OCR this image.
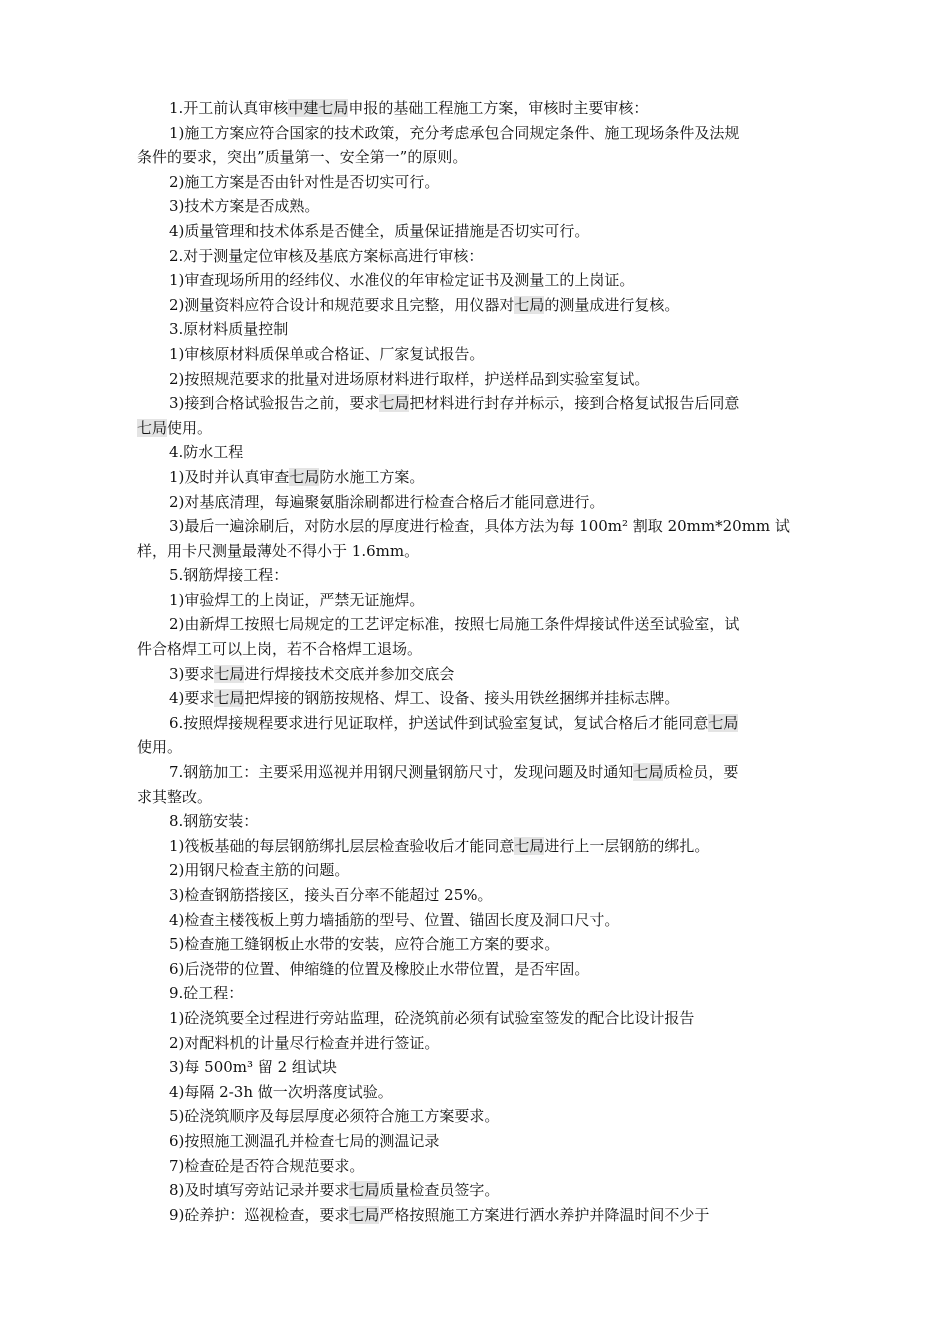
1.开工前认真审核中建七局申报的基础工程施工方案，审核时主要审核：
1)施工方案应符合国家的技术政策，充分考虑承包合同规定条件、施工现场条件及法规
条件的要求，突出”质量第一、安全第一”的原则。
2)施工方案是否由针对性是否切实可行。
3)技术方案是否成熟。
4)质量管理和技术体系是否健全，质量保证措施是否切实可行。
2.对于测量定位审核及基底方案标高进行审核：
1)审查现场所用的经纬仪、水准仪的年审检定证书及测量工的上岗证。
2)测量资料应符合设计和规范要求且完整，用仪器对七局的测量成进行复核。
3.原材料质量控制
1)审核原材料质保单或合格证、厂家复试报告。
2)按照规范要求的批量对进场原材料进行取样，护送样品到实验室复试。
3)接到合格试验报告之前，要求七局把材料进行封存并标示，接到合格复试报告后同意
七局使用。
4.防水工程
1)及时并认真审查七局防水施工方案。
2)对基底清理，每遍聚氨脂涂刷都进行检查合格后才能同意进行。
3)最后一遍涂刷后，对防水层的厚度进行检查，具体方法为每 100m² 割取 20mm*20mm 试
样，用卡尺测量最薄处不得小于 1.6mm。
5.钢筋焊接工程：
1)审验焊工的上岗证，严禁无证施焊。
2)由新焊工按照七局规定的工艺评定标准，按照七局施工条件焊接试件送至试验室，试
件合格焊工可以上岗，若不合格焊工退场。
3)要求七局进行焊接技术交底并参加交底会
4)要求七局把焊接的钢筋按规格、焊工、设备、接头用铁丝捆绑并挂标志牌。
6.按照焊接规程要求进行见证取样，护送试件到试验室复试，复试合格后才能同意七局
使用。
7.钢筋加工：主要采用巡视并用钢尺测量钢筋尺寸，发现问题及时通知七局质检员，要
求其整改。
8.钢筋安装：
1)筏板基础的每层钢筋绑扎层层检查验收后才能同意七局进行上一层钢筋的绑扎。
2)用钢尺检查主筋的问题。
3)检查钢筋搭接区，接头百分率不能超过 25%。
4)检查主楼筏板上剪力墙插筋的型号、位置、锚固长度及洞口尺寸。
5)检查施工缝钢板止水带的安装，应符合施工方案的要求。
6)后浇带的位置、伸缩缝的位置及橡胶止水带位置，是否牢固。
9.砼工程：
1)砼浇筑要全过程进行旁站监理，砼浇筑前必须有试验室签发的配合比设计报告
2)对配料机的计量尽行检查并进行签证。
3)每 500m³ 留 2 组试块
4)每隔 2-3h 做一次坍落度试验。
5)砼浇筑顺序及每层厚度必须符合施工方案要求。
6)按照施工测温孔并检查七局的测温记录
7)检查砼是否符合规范要求。
8)及时填写旁站记录并要求七局质量检查员签字。
9)砼养护：巡视检查，要求七局严格按照施工方案进行洒水养护并降温时间不少于
